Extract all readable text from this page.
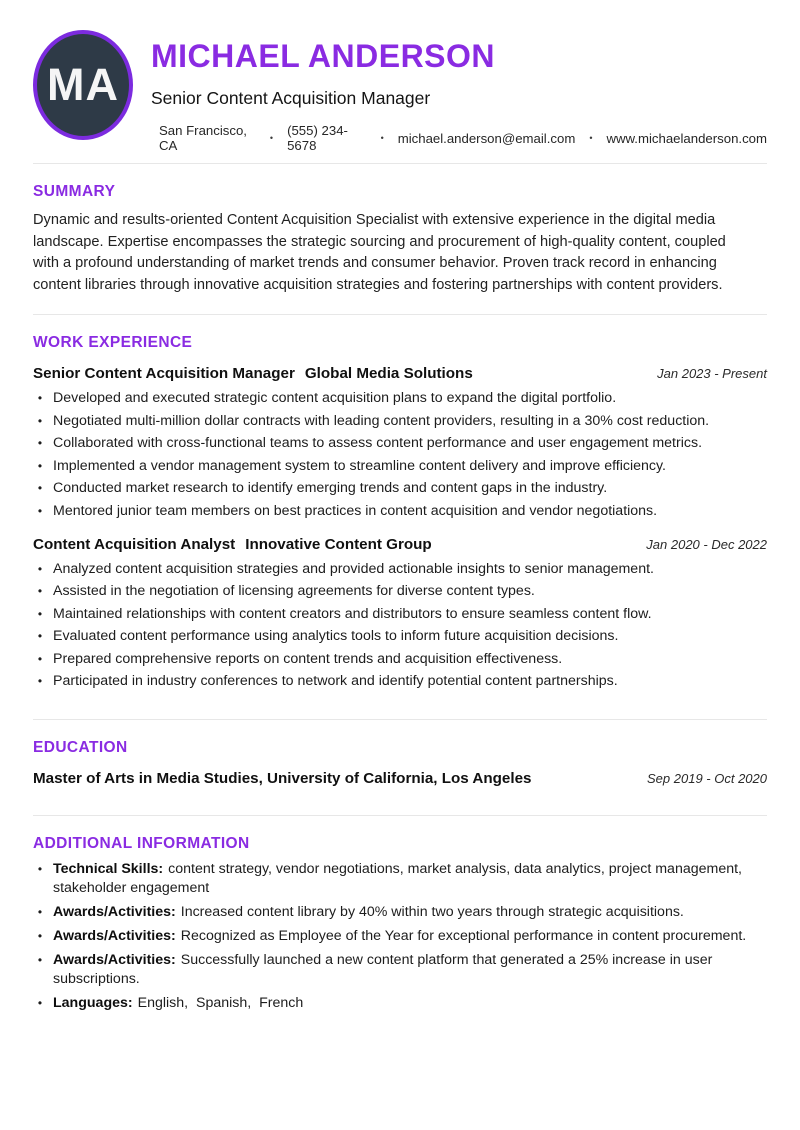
MA
MICHAEL ANDERSON
Senior Content Acquisition Manager
San Francisco, CA	• (555) 234-5678	• michael.anderson@email.com • www.michaelanderson.com
SUMMARY

Dynamic and results-oriented Content Acquisition Specialist with extensive experience in the digital media landscape. Expertise encompasses the strategic sourcing and procurement of high-quality content, coupled with a profound understanding of market trends and consumer behavior. Proven track record in enhancing content libraries through innovative acquisition strategies and fostering partnerships with content providers.

WORK EXPERIENCE
Senior Content Acquisition Manager Global Media Solutions	Jan 2023 - Present
• Developed and executed strategic content acquisition plans to expand the digital portfolio.

• Negotiated multi-million dollar contracts with leading content providers, resulting in a 30% cost reduction.

• Collaborated with cross-functional teams to assess content performance and user engagement metrics.

• Implemented a vendor management system to streamline content delivery and improve efficiency.

• Conducted market research to identify emerging trends and content gaps in the industry.

• Mentored junior team members on best practices in content acquisition and vendor negotiations.

Content Acquisition Analyst Innovative Content Group	Jan 2020 - Dec 2022
• Analyzed content acquisition strategies and provided actionable insights to senior management.

• Assisted in the negotiation of licensing agreements for diverse content types.

• Maintained relationships with content creators and distributors to ensure seamless content flow.

• Evaluated content performance using analytics tools to inform future acquisition decisions.

• Prepared comprehensive reports on content trends and acquisition effectiveness.

• Participated in industry conferences to network and identify potential content partnerships.

EDUCATION
Master of Arts in Media Studies, University of California, Los Angeles	Sep 2019 - Oct 2020
ADDITIONAL INFORMATION
• Technical Skills: content strategy, vendor negotiations, market analysis, data analytics, project management, stakeholder engagement

• Awards/Activities: Increased content library by 40% within two years through strategic acquisitions.

• Awards/Activities: Recognized as Employee of the Year for exceptional performance in content procurement.

• Awards/Activities: Successfully launched a new content platform that generated a 25% increase in user subscriptions.

• Languages: English,  Spanish,  French
